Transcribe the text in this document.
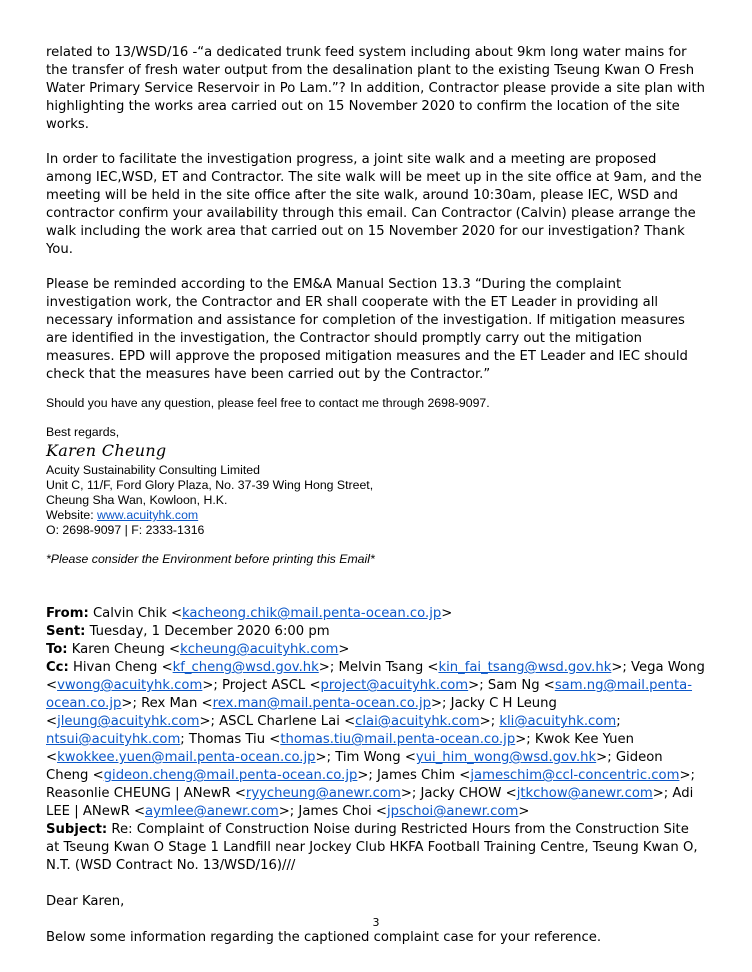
related to 13/WSD/16 -“a dedicated trunk feed system including about 9km long water mains for the transfer of fresh water output from the desalination plant to the existing Tseung Kwan O Fresh Water Primary Service Reservoir in Po Lam.”? In addition, Contractor please provide a site plan with highlighting the works area carried out on 15 November 2020 to confirm the location of the site works.

In order to facilitate the investigation progress, a joint site walk and a meeting are proposed among IEC,WSD, ET and Contractor. The site walk will be meet up in the site office at 9am, and the meeting will be held in the site office after the site walk, around 10:30am, please IEC, WSD and contractor confirm your availability through this email. Can Contractor (Calvin) please arrange the walk including the work area that carried out on 15 November 2020 for our investigation? Thank You.

Please be reminded according to the EM&A Manual Section 13.3 “During the complaint investigation work, the Contractor and ER shall cooperate with the ET Leader in providing all necessary information and assistance for completion of the investigation. If mitigation measures are identified in the investigation, the Contractor should promptly carry out the mitigation measures. EPD will approve the proposed mitigation measures and the ET Leader and IEC should check that the measures have been carried out by the Contractor.”

Should you have any question, please feel free to contact me through 2698-9097.
Best regards,
Karen Cheung
Acuity Sustainability Consulting Limited
Unit C, 11/F, Ford Glory Plaza, No. 37-39 Wing Hong Street,
Cheung Sha Wan, Kowloon, H.K.
Website: www.acuityhk.com
O: 2698-9097 | F: 2333-1316
*Please consider the Environment before printing this Email*

From: Calvin Chik <kacheong.chik@mail.penta-ocean.co.jp>

Sent: Tuesday, 1 December 2020 6:00 pm

To: Karen Cheung <kcheung@acuityhk.com>

Cc: Hivan Cheng <kf_cheng@wsd.gov.hk>; Melvin Tsang <kin_fai_tsang@wsd.gov.hk>; Vega Wong <vwong@acuityhk.com>; Project ASCL <project@acuityhk.com>; Sam Ng <sam.ng@mail.penta-ocean.co.jp>; Rex Man <rex.man@mail.penta-ocean.co.jp>; Jacky C H Leung <jleung@acuityhk.com>; ASCL Charlene Lai <clai@acuityhk.com>; kli@acuityhk.com; ntsui@acuityhk.com; Thomas Tiu <thomas.tiu@mail.penta-ocean.co.jp>; Kwok Kee Yuen <kwokkee.yuen@mail.penta-ocean.co.jp>; Tim Wong <yui_him_wong@wsd.gov.hk>; Gideon Cheng <gideon.cheng@mail.penta-ocean.co.jp>; James Chim <jameschim@ccl-concentric.com>; Reasonlie CHEUNG | ANewR <ryycheung@anewr.com>; Jacky CHOW <jtkchow@anewr.com>; Adi LEE | ANewR <aymlee@anewr.com>; James Choi <jpschoi@anewr.com>

Subject: Re: Complaint of Construction Noise during Restricted Hours from the Construction Site at Tseung Kwan O Stage 1 Landfill near Jockey Club HKFA Football Training Centre, Tseung Kwan O, N.T. (WSD Contract No. 13/WSD/16)///

Dear Karen,

Below some information regarding the captioned complaint case for your reference.

3
